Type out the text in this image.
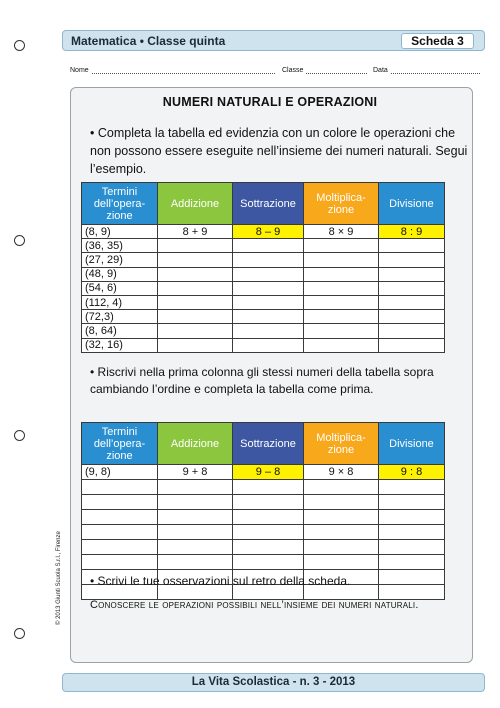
Matematica • Classe quinta	Scheda 3
Nome	Classe	Data
NUMERI NATURALI E OPERAZIONI
• Completa la tabella ed evidenzia con un colore le operazioni che non possono essere eseguite nell’insieme dei numeri naturali. Segui l’esempio.
Termini dell’opera-zione	Addizione	Sottrazione	Moltiplica-zione	Divisione
(8, 9)	8 + 9	8 – 9	8 × 9	8 : 9
(36, 35)				
(27, 29)				
(48, 9)				
(54, 6)				
(112, 4)				
(72,3)				
(8, 64)				
(32, 16)				
• Riscrivi nella prima colonna gli stessi numeri della tabella sopra cambiando l’ordine e completa la tabella come prima.
Termini dell’opera-zione	Addizione	Sottrazione	Moltiplica-zione	Divisione
(9, 8)	9 + 8	9 – 8	9 × 8	9 : 8

• Scrivi le tue osservazioni sul retro della scheda.
Conoscere le operazioni possibili nell’insieme dei numeri naturali.
© 2013 Giunti Scuola S.r.l., Firenze
La Vita Scolastica - n. 3 - 2013
